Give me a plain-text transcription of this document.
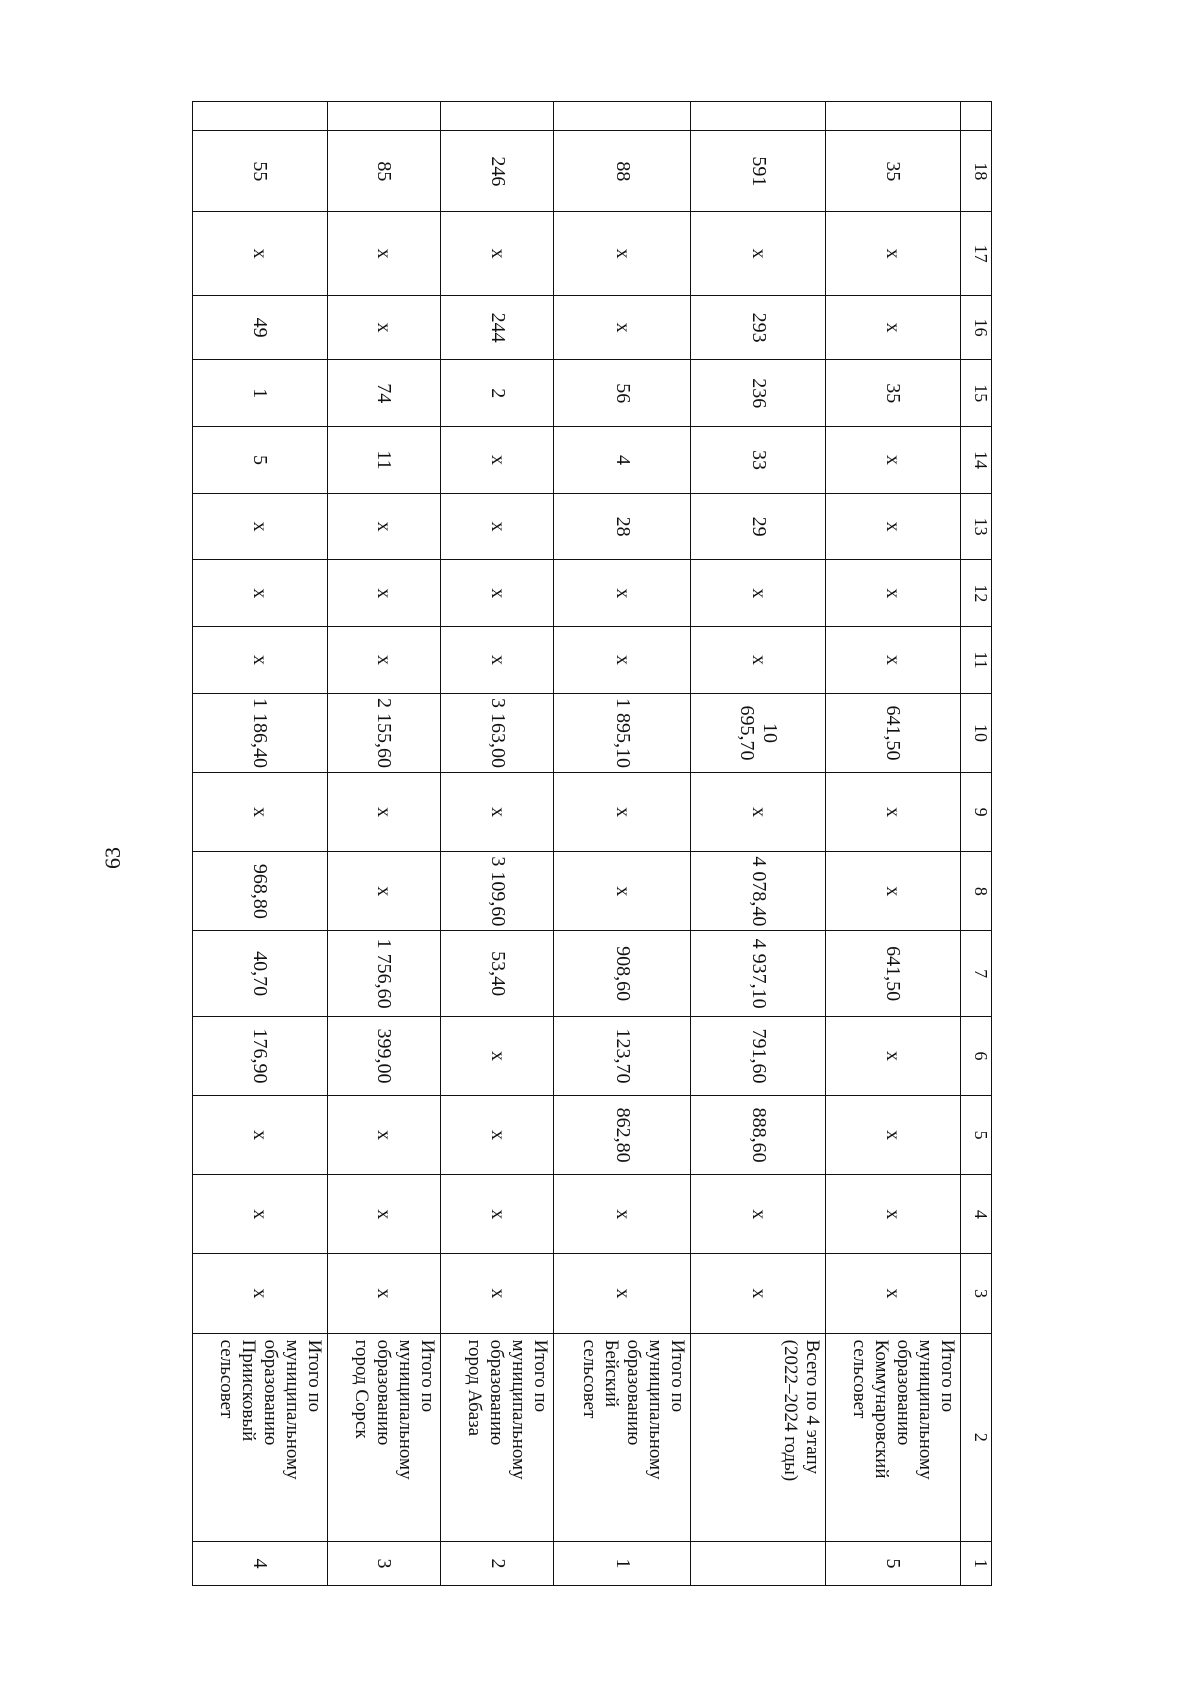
63
	18	17	16	15	14	13	12	11	10	9	8	7	6	5	4	3	2	1
	35	x	x	35	x	x	x	x	641,50	x	x	641,50	x	x	x	x	Итого по
муниципальному
образованию
Коммунаровский
сельсовет	5
	591	x	293	236	33	29	x	x	10 695,70	x	4 078,40	4 937,10	791,60	888,60	x	x	Всего по 4 этапу
(2022–2024 годы)	

	88	x	x	56	4	28	x	x	1 895,10	x	x	908,60	123,70	862,80	x	x	Итого по
муниципальному
образованию
Бейский
сельсовет	1
	246	x	244	2	x	x	x	x	3 163,00	x	3 109,60	53,40	x	x	x	x	Итого по
муниципальному
образованию
город Абаза	2
	85	x	x	74	11	x	x	x	2 155,60	x	x	1 756,60	399,00	x	x	x	Итого по
муниципальному
образованию
город Сорск	3
	55	x	49	1	5	x	x	x	1 186,40	x	968,80	40,70	176,90	x	x	x	Итого по
муниципальному
образованию
Приисковый
сельсовет	4
